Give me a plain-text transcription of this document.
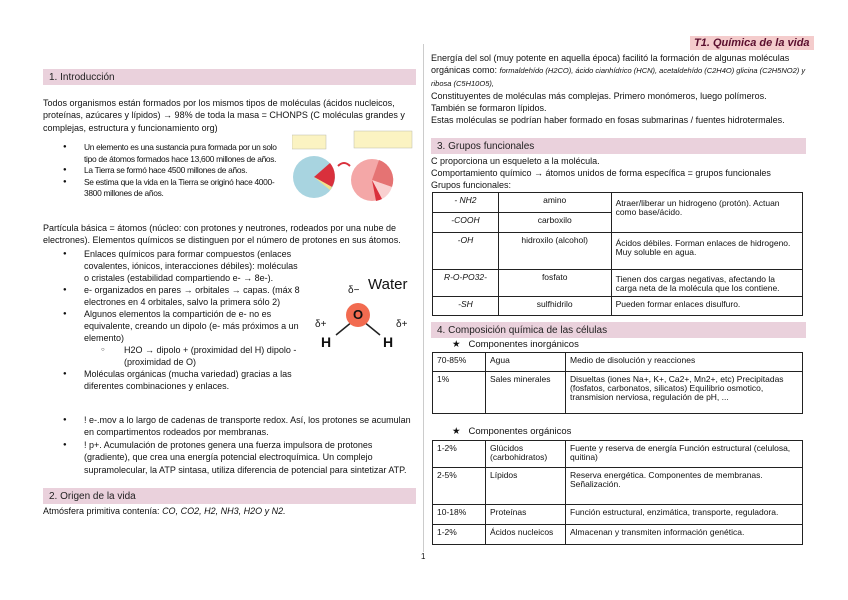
T1. Química de la vida
1. Introducción

Todos organismos están formados por los mismos tipos de moléculas (ácidos nucleicos, proteínas, azúcares y lípidos) → 98% de toda la masa = CHONPS (C moléculas grandes y complejas, estructura y funcionamiento org)

● Un elemento es una sustancia pura formada por un solo tipo de átomos formados hace 13,600 millones de años.
● La Tierra se formó hace 4500 millones de años.
● Se estima que la vida en la Tierra se originó hace 4000-3800 millones de años.

Partícula básica = átomos (núcleo: con protones y neutrones, rodeados por una nube de electrones). Elementos químicos se distinguen por el número de protones en sus átomos.

● Enlaces químicos para formar compuestos (enlaces covalentes, iónicos, interacciones débiles): moléculas o cristales (estabilidad compartiendo e- → 8e-).
● e- organizados en pares → orbitales → capas. (máx 8 electrones en 4 orbitales, salvo la primera sólo 2)
● Algunos elementos la compartición de e- no es equivalente, creando un dipolo (e- más próximos a un elemento)
○ H2O → dipolo + (proximidad del H) dipolo - (proximidad de O)
● Moléculas orgánicas (mucha variedad) gracias a las diferentes combinaciones y enlaces.
Water
δ−
δ+	δ+
O
H	H
● ! e-.mov a lo largo de cadenas de transporte redox. Así, los protones se acumulan en compartimentos rodeados por membranas.
● ! p+. Acumulación de protones genera una fuerza impulsora de protones (gradiente), que crea una energía potencial electroquímica. Un complejo supramolecular, la ATP sintasa, utiliza diferencia de potencial para sintetizar ATP.
2. Origen de la vida

Atmósfera primitiva contenía: CO, CO2, H2, NH3, H2O y N2.

Energía del sol (muy potente en aquella época) facilitó la formación de algunas moléculas orgánicas como: formaldehído (H2CO), ácido cianhídrico (HCN), acetaldehído (C2H4O) glicina (C2H5NO2) y ribosa (C5H10O5),

Constituyentes de moléculas más complejas. Primero monómeros, luego polímeros.

También se formaron lípidos.

Estas moléculas se podrían haber formado en fosas submarinas / fuentes hidrotermales.

3. Grupos funcionales

C proporciona un esqueleto a la molécula.

Comportamiento químico → átomos unidos de forma específica = grupos funcionales

Grupos funcionales:

- NH2	amino	Atraer/liberar un hidrogeno (protón). Actuan como base/ácido.
-COOH	carboxilo	
-OH	hidroxilo (alcohol)	Ácidos débiles. Forman enlaces de hidrogeno. Muy soluble en agua.
R-O-PO32-	fosfato	Tienen dos cargas negativas, afectando la carga neta de la molécula que los contiene.
-SH	sulfhidrilo	Pueden formar enlaces disulfuro.
4. Composición química de las células
★ Componentes inorgánicos
70-85%	Agua	Medio de disolución y reacciones
1%	Sales minerales	Disueltas (iones Na+, K+, Ca2+, Mn2+, etc) Precipitadas (fosfatos, carbonatos, silicatos) Equilibrio osmotico, transmision nerviosa, regulación de pH, ...
★ Componentes orgánicos
1-2%	Glúcidos (carbohidratos)	Fuente y reserva de energía Función estructural (celulosa, quitina)
2-5%	Lípidos	Reserva energética. Componentes de membranas. Señalización.
10-18%	Proteínas	Función estructural, enzimática, transporte, reguladora.
1-2%	Ácidos nucleicos	Almacenan y transmiten información genética.
1
